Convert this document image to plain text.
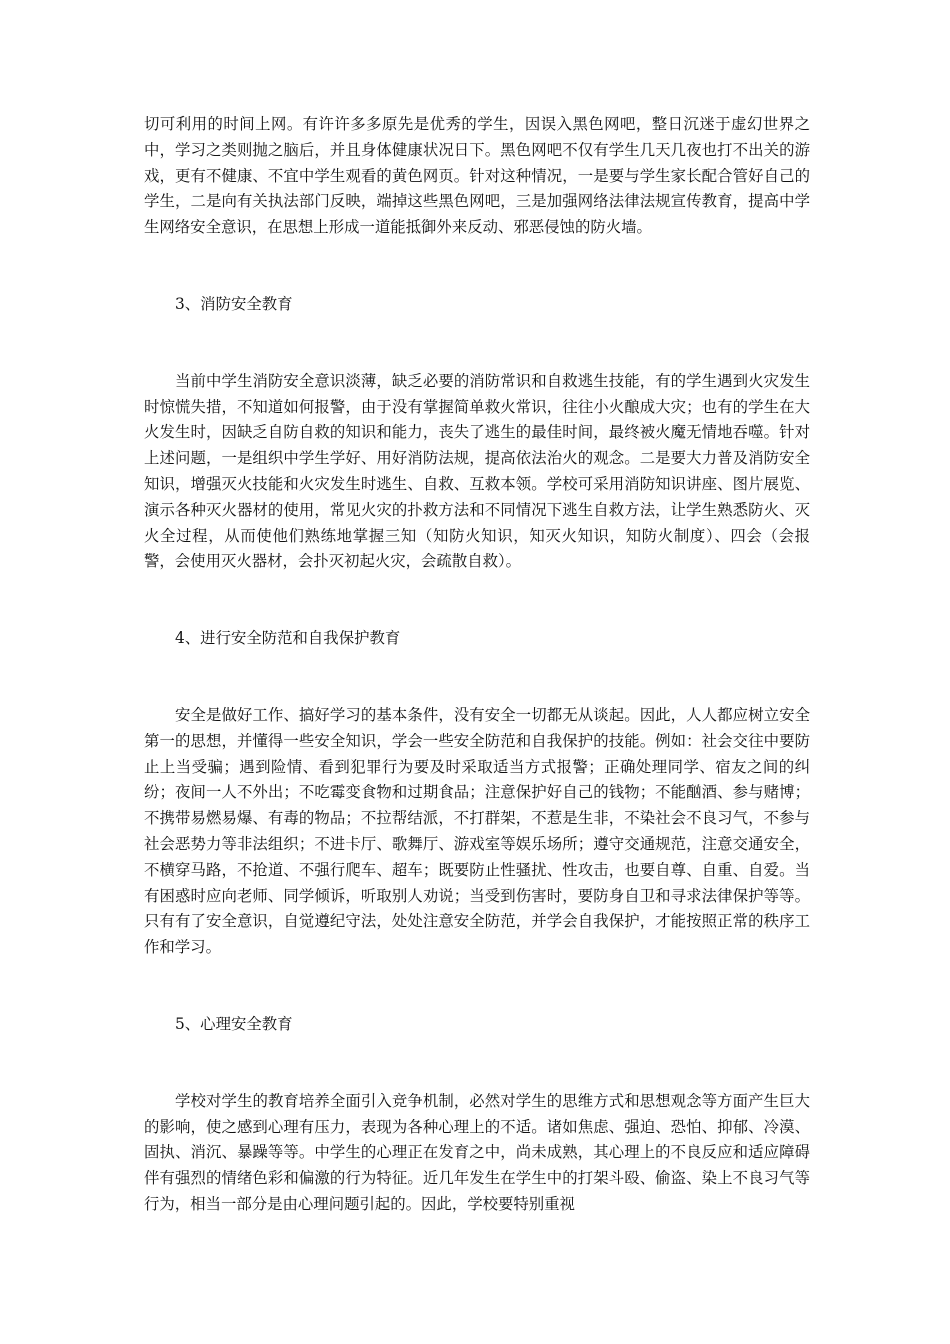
切可利用的时间上网。有许许多多原先是优秀的学生，因误入黑色网吧，整日沉迷于虚幻世界之中，学习之类则抛之脑后，并且身体健康状况日下。黑色网吧不仅有学生几天几夜也打不出关的游戏，更有不健康、不宜中学生观看的黄色网页。针对这种情况，一是要与学生家长配合管好自己的学生，二是向有关执法部门反映，端掉这些黑色网吧，三是加强网络法律法规宣传教育，提高中学生网络安全意识，在思想上形成一道能抵御外来反动、邪恶侵蚀的防火墙。

3、消防安全教育

当前中学生消防安全意识淡薄，缺乏必要的消防常识和自救逃生技能，有的学生遇到火灾发生时惊慌失措，不知道如何报警，由于没有掌握简单救火常识，往往小火酿成大灾；也有的学生在大火发生时，因缺乏自防自救的知识和能力，丧失了逃生的最佳时间，最终被火魔无情地吞噬。针对上述问题，一是组织中学生学好、用好消防法规，提高依法治火的观念。二是要大力普及消防安全知识，增强灭火技能和火灾发生时逃生、自救、互救本领。学校可采用消防知识讲座、图片展览、演示各种灭火器材的使用，常见火灾的扑救方法和不同情况下逃生自救方法，让学生熟悉防火、灭火全过程，从而使他们熟练地掌握三知（知防火知识，知灭火知识，知防火制度）、四会（会报警，会使用灭火器材，会扑灭初起火灾，会疏散自救）。

4、进行安全防范和自我保护教育

安全是做好工作、搞好学习的基本条件，没有安全一切都无从谈起。因此，人人都应树立安全第一的思想，并懂得一些安全知识，学会一些安全防范和自我保护的技能。例如：社会交往中要防止上当受骗；遇到险情、看到犯罪行为要及时采取适当方式报警；正确处理同学、宿友之间的纠纷；夜间一人不外出；不吃霉变食物和过期食品；注意保护好自己的钱物；不能酗酒、参与赌博；不携带易燃易爆、有毒的物品；不拉帮结派，不打群架，不惹是生非，不染社会不良习气，不参与社会恶势力等非法组织；不进卡厅、歌舞厅、游戏室等娱乐场所；遵守交通规范，注意交通安全，不横穿马路，不抢道、不强行爬车、超车；既要防止性骚扰、性攻击，也要自尊、自重、自爱。当有困惑时应向老师、同学倾诉，听取别人劝说；当受到伤害时，要防身自卫和寻求法律保护等等。只有有了安全意识，自觉遵纪守法，处处注意安全防范，并学会自我保护，才能按照正常的秩序工作和学习。

5、心理安全教育

学校对学生的教育培养全面引入竞争机制，必然对学生的思维方式和思想观念等方面产生巨大的影响，使之感到心理有压力，表现为各种心理上的不适。诸如焦虑、强迫、恐怕、抑郁、冷漠、固执、消沉、暴躁等等。中学生的心理正在发育之中，尚未成熟，其心理上的不良反应和适应障碍伴有强烈的情绪色彩和偏激的行为特征。近几年发生在学生中的打架斗殴、偷盗、染上不良习气等行为，相当一部分是由心理问题引起的。因此，学校要特别重视
